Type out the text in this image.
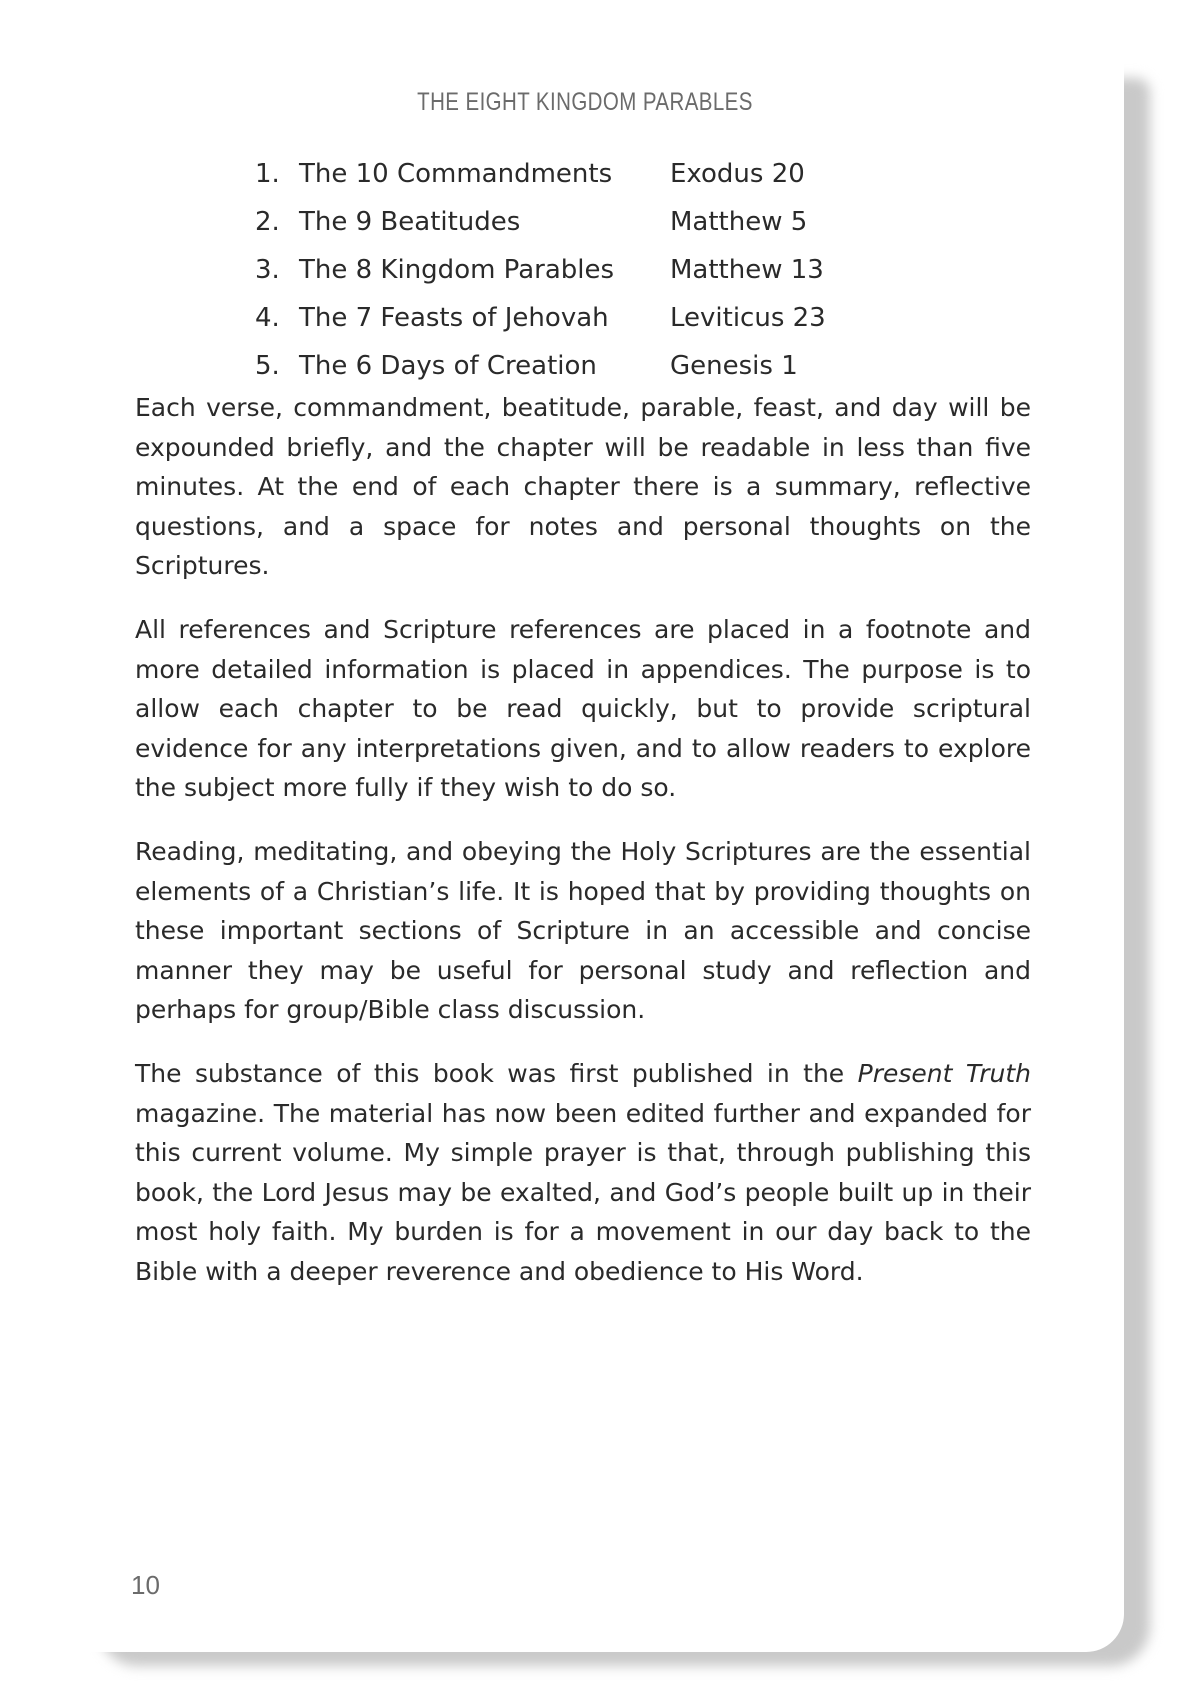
THE EIGHT KINGDOM PARABLES
1. The 10 Commandments Exodus 20
2. The 9 Beatitudes	Matthew 5
3. The 8 Kingdom Parables Matthew 13
4. The 7 Feasts of Jehovah Leviticus 23
5. The 6 Days of Creation	Genesis 1

Each verse, commandment, beatitude, parable, feast, and day will be expounded briefly, and the chapter will be readable in less than five minutes. At the end of each chapter there is a summary, reflective questions, and a space for notes and personal thoughts on the Scriptures.

All references and Scripture references are placed in a footnote and more detailed information is placed in appendices. The purpose is to allow each chapter to be read quickly, but to provide scriptural evidence for any interpretations given, and to allow readers to explore the subject more fully if they wish to do so.

Reading, meditating, and obeying the Holy Scriptures are the essential elements of a Christian’s life. It is hoped that by providing thoughts on these important sections of Scripture in an accessible and concise manner they may be useful for personal study and reflection and perhaps for group/Bible class discussion.

The substance of this book was first published in the Present Truth magazine. The material has now been edited further and expanded for this current volume. My simple prayer is that, through publishing this book, the Lord Jesus may be exalted, and God’s people built up in their most holy faith. My burden is for a movement in our day back to the Bible with a deeper reverence and obedience to His Word.

10
